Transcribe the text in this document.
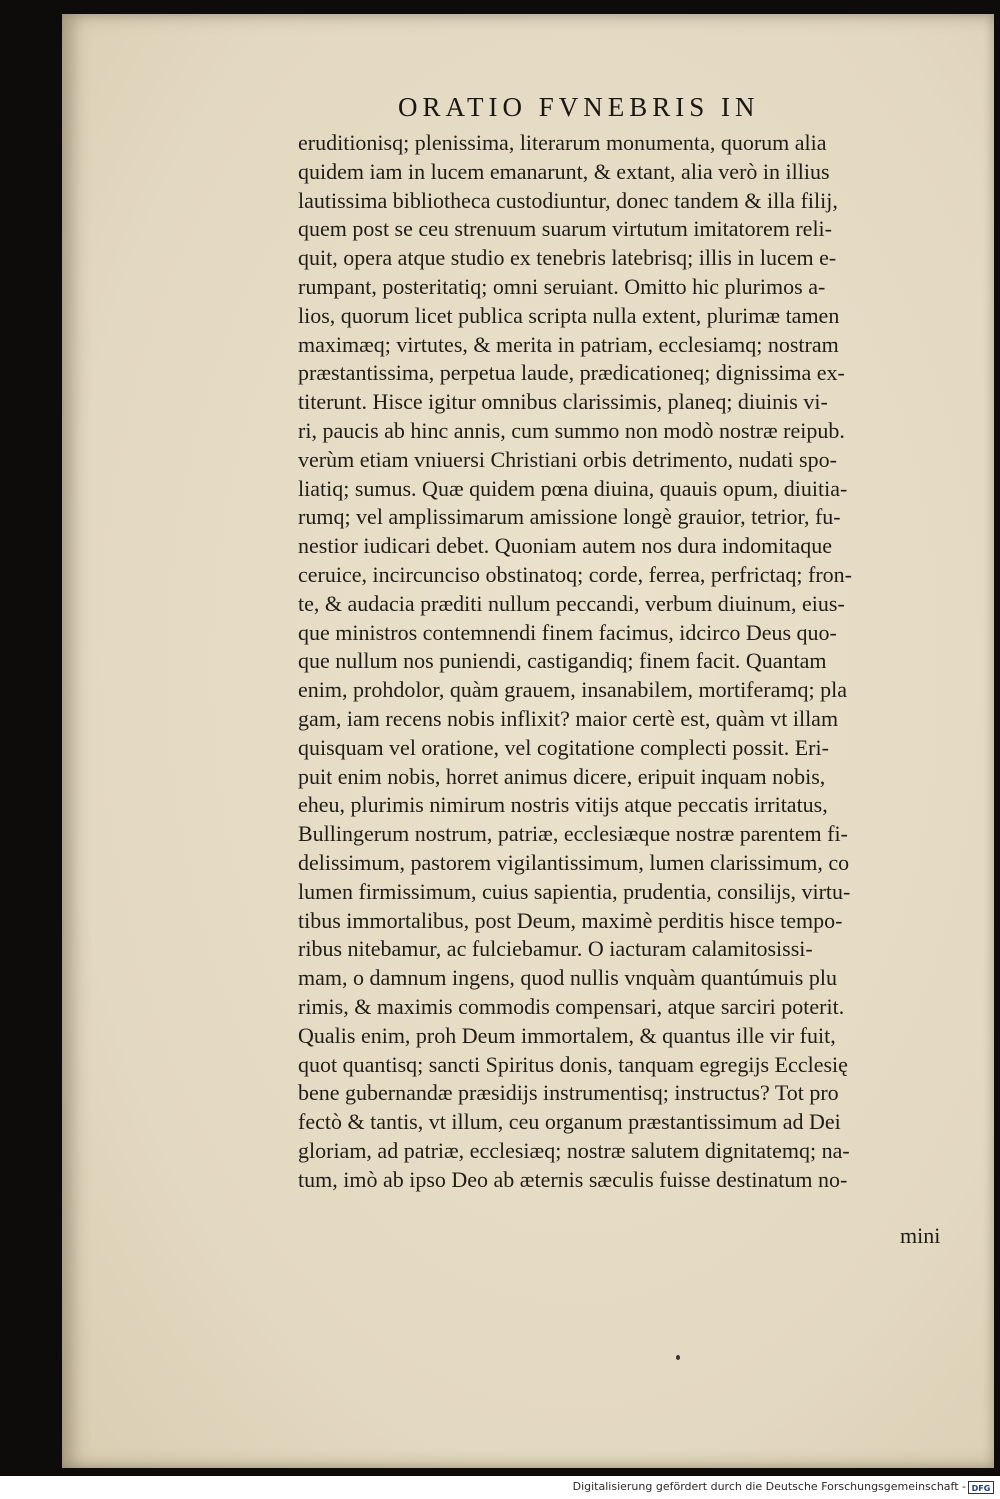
ORATIO FVNEBRIS IN
eruditionisq; plenissima, literarum monumenta, quorum alia
quidem iam in lucem emanarunt, & extant, alia verò in illius
lautissima bibliotheca custodiuntur, donec tandem & illa filij,
quem post se ceu strenuum suarum virtutum imitatorem reli-
quit, opera atque studio ex tenebris latebrisq; illis in lucem e-
rumpant, posteritatiq; omni seruiant. Omitto hic plurimos a-
lios, quorum licet publica scripta nulla extent, plurimæ tamen
maximæq; virtutes, & merita in patriam, ecclesiamq; nostram
præstantissima, perpetua laude, prædicationeq; dignissima ex-
titerunt. Hisce igitur omnibus clarissimis, planeq; diuinis vi-
ri, paucis ab hinc annis, cum summo non modò nostræ reipub.
verùm etiam vniuersi Christiani orbis detrimento, nudati spo-
liatiq; sumus. Quæ quidem pœna diuina, quauis opum, diuitia-
rumq; vel amplissimarum amissione longè grauior, tetrior, fu-
nestior iudicari debet. Quoniam autem nos dura indomitaque
ceruice, incircunciso obstinatoq; corde, ferrea, perfrictaq; fron-
te, & audacia præditi nullum peccandi, verbum diuinum, eius-
que ministros contemnendi finem facimus, idcirco Deus quo-
que nullum nos puniendi, castigandiq; finem facit. Quantam
enim, prohdolor, quàm grauem, insanabilem, mortiferamq; pla
gam, iam recens nobis inflixit? maior certè est, quàm vt illam
quisquam vel oratione, vel cogitatione complecti possit. Eri-
puit enim nobis, horret animus dicere, eripuit inquam nobis,
eheu, plurimis nimirum nostris vitijs atque peccatis irritatus,
Bullingerum nostrum, patriæ, ecclesiæque nostræ parentem fi-
delissimum, pastorem vigilantissimum, lumen clarissimum, co
lumen firmissimum, cuius sapientia, prudentia, consilijs, virtu-
tibus immortalibus, post Deum, maximè perditis hisce tempo-
ribus nitebamur, ac fulciebamur. O iacturam calamitosissi-
mam, o damnum ingens, quod nullis vnquàm quantúmuis plu
rimis, & maximis commodis compensari, atque sarciri poterit.
Qualis enim, proh Deum immortalem, & quantus ille vir fuit,
quot quantisq; sancti Spiritus donis, tanquam egregijs Ecclesię
bene gubernandæ præsidijs instrumentisq; instructus? Tot pro
fectò & tantis, vt illum, ceu organum præstantissimum ad Dei
gloriam, ad patriæ, ecclesiæq; nostræ salutem dignitatemq; na-
tum, imò ab ipso Deo ab æternis sæculis fuisse destinatum no-
mini
Digitalisierung gefördert durch die Deutsche Forschungsgemeinschaft - DFG
